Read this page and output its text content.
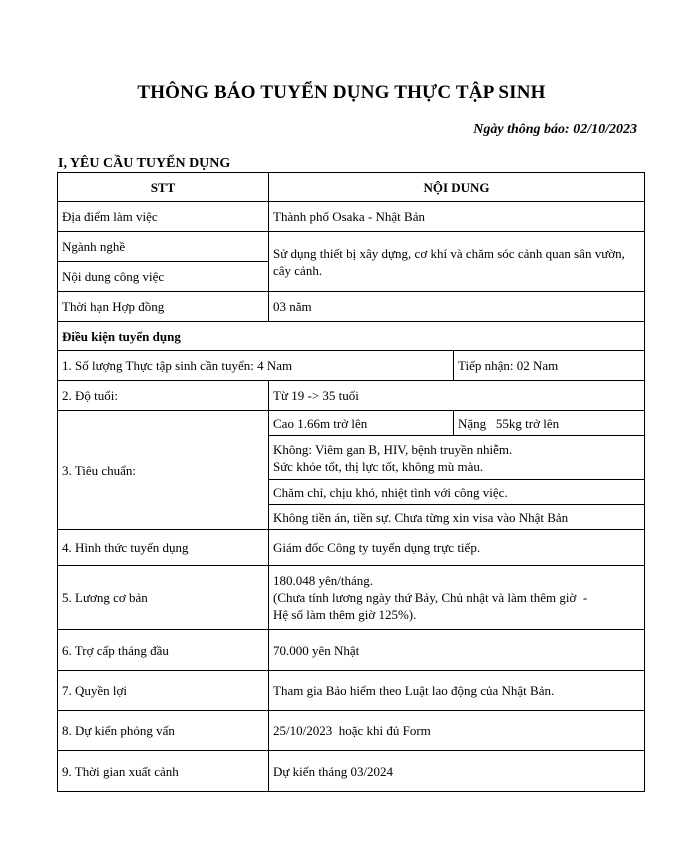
THÔNG BÁO TUYỂN DỤNG THỰC TẬP SINH
Ngày thông báo: 02/10/2023
I, YÊU CẦU TUYỂN DỤNG
STT	NỘI DUNG	
Địa điểm làm việc	Thành phố Osaka - Nhật Bản	
Ngành nghề	Sử dụng thiết bị xây dựng, cơ khí và chăm sóc cảnh quan sân vườn, cây cảnh.	
Nội dung công việc		
Thời hạn Hợp đồng	03 năm	
Điều kiện tuyển dụng		
1. Số lượng Thực tập sinh cần tuyển: 4 Nam		Tiếp nhận: 02 Nam
2. Độ tuổi:	Từ 19 -> 35 tuổi	
3. Tiêu chuẩn:	Cao 1.66m trở lên	Nặng   55kg trở lên

	Không: Viêm gan B, HIV, bệnh truyền nhiễm.
Sức khỏe tốt, thị lực tốt, không mù màu.	

	Chăm chỉ, chịu khó, nhiệt tình với công việc.	
	Không tiền án, tiền sự. Chưa từng xin visa vào Nhật Bản	
4. Hình thức tuyển dụng	Giám đốc Công ty tuyển dụng trực tiếp.	
5. Lương cơ bản	180.048 yên/tháng.
(Chưa tính lương ngày thứ Bảy, Chủ nhật và làm thêm giờ  -
Hệ số làm thêm giờ 125%).	

6. Trợ cấp tháng đầu	70.000 yên Nhật	
7. Quyền lợi	Tham gia Bảo hiểm theo Luật lao động của Nhật Bản.	
8. Dự kiến phỏng vấn	25/10/2023  hoặc khi đủ Form	
9. Thời gian xuất cảnh	Dự kiến tháng 03/2024	
